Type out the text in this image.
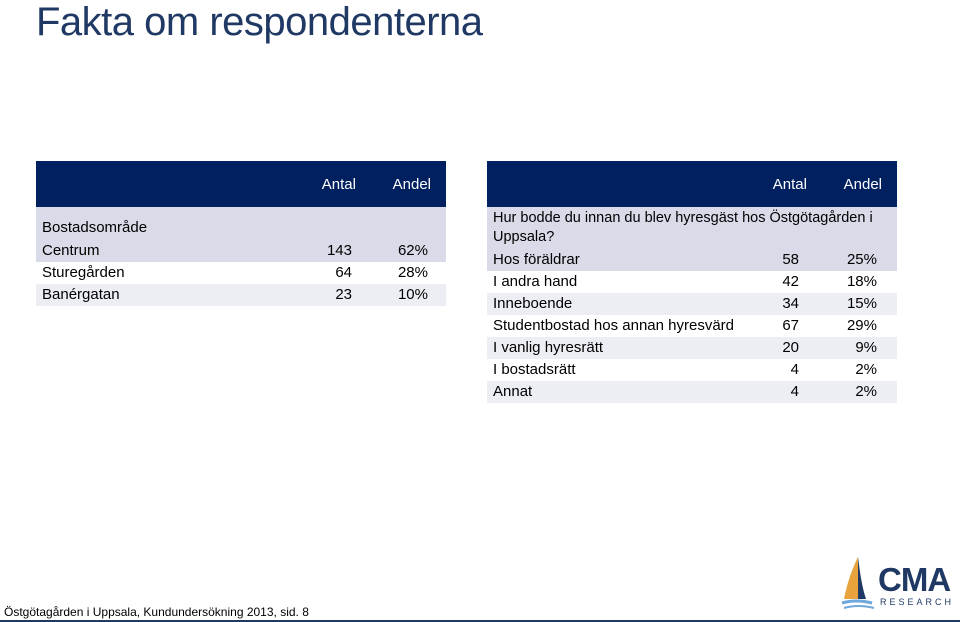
Fakta om respondenterna
Antal Andel
Bostadsområde
Centrum	143	62%
Sturegården	64	28%
Banérgatan	23	10%
Antal Andel
Hur bodde du innan du blev hyresgäst hos Östgötagården i Uppsala?
Hos föräldrar	58	25%
I andra hand	42	18%
Inneboende	34	15%
Studentbostad hos annan hyresvärd	67	29%
I vanlig hyresrätt	20	9%
I bostadsrätt	4	2%
Annat	4	2%
CMA
RESEARCH
Östgötagården i Uppsala, Kundundersökning 2013, sid. 8
